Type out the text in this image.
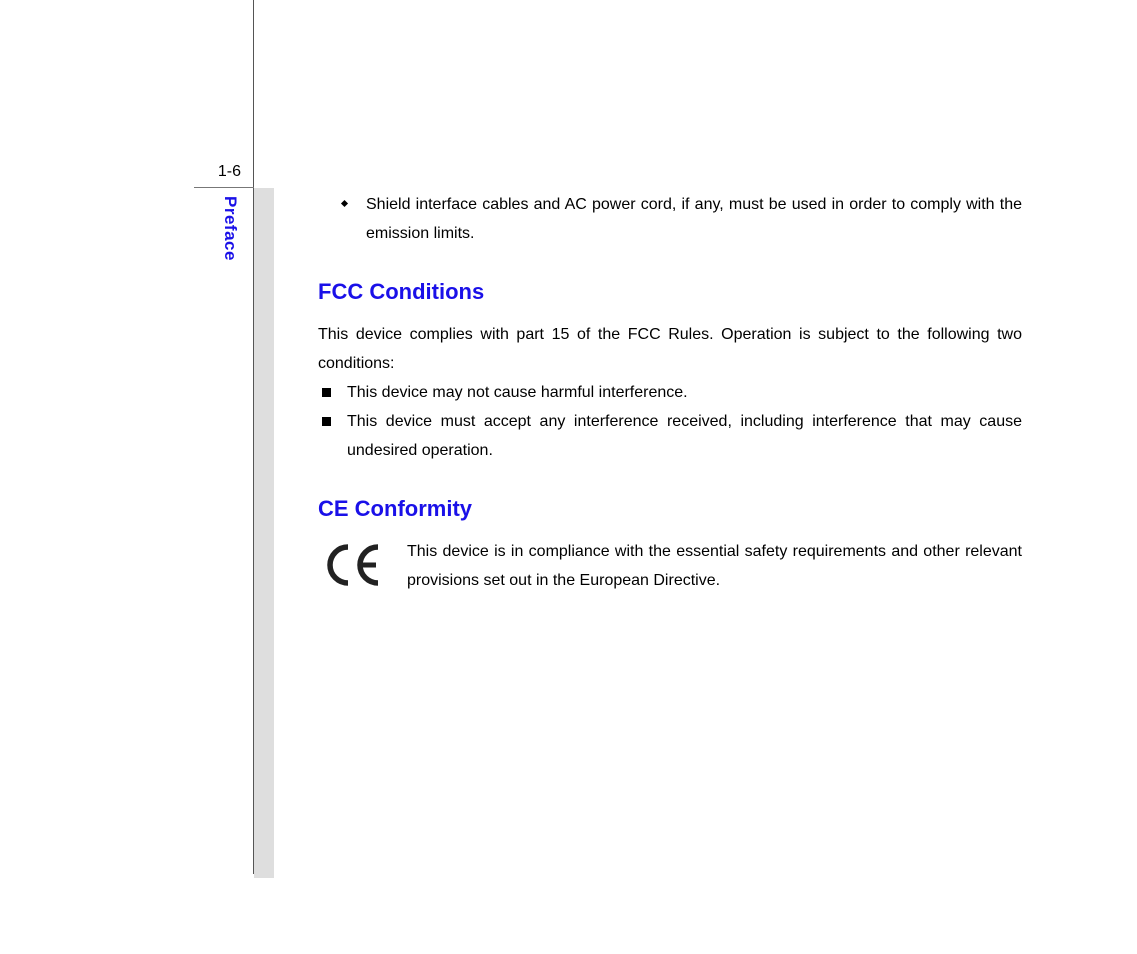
1-6
Preface	Shield interface cables and AC power cord, if any, must be used in order to comply with the emission limits.

FCC Conditions

This device complies with part 15 of the FCC Rules. Operation is subject to the following two conditions:

This device may not cause harmful interference.
This device must accept any interference received, including interference that may cause undesired operation.
CE Conformity

This device is in compliance with the essential safety requirements and other relevant provisions set out in the European Directive.
